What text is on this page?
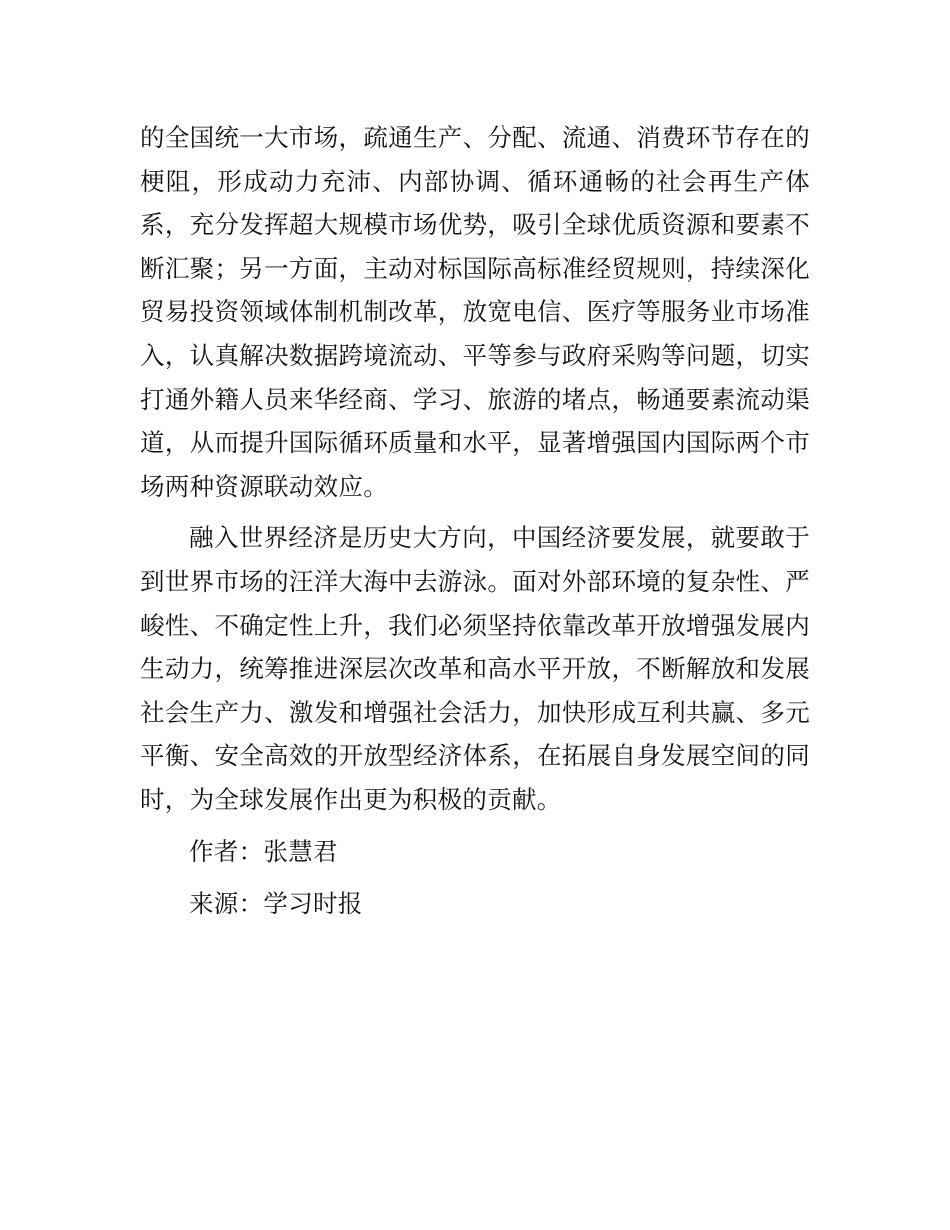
的全国统一大市场，疏通生产、分配、流通、消费环节存在的梗阻，形成动力充沛、内部协调、循环通畅的社会再生产体系，充分发挥超大规模市场优势，吸引全球优质资源和要素不断汇聚；另一方面，主动对标国际高标准经贸规则，持续深化贸易投资领域体制机制改革，放宽电信、医疗等服务业市场准入，认真解决数据跨境流动、平等参与政府采购等问题，切实打通外籍人员来华经商、学习、旅游的堵点，畅通要素流动渠道，从而提升国际循环质量和水平，显著增强国内国际两个市场两种资源联动效应。

融入世界经济是历史大方向，中国经济要发展，就要敢于到世界市场的汪洋大海中去游泳。面对外部环境的复杂性、严峻性、不确定性上升，我们必须坚持依靠改革开放增强发展内生动力，统筹推进深层次改革和高水平开放，不断解放和发展社会生产力、激发和增强社会活力，加快形成互利共赢、多元平衡、安全高效的开放型经济体系，在拓展自身发展空间的同时，为全球发展作出更为积极的贡献。

作者：张慧君

来源：学习时报
